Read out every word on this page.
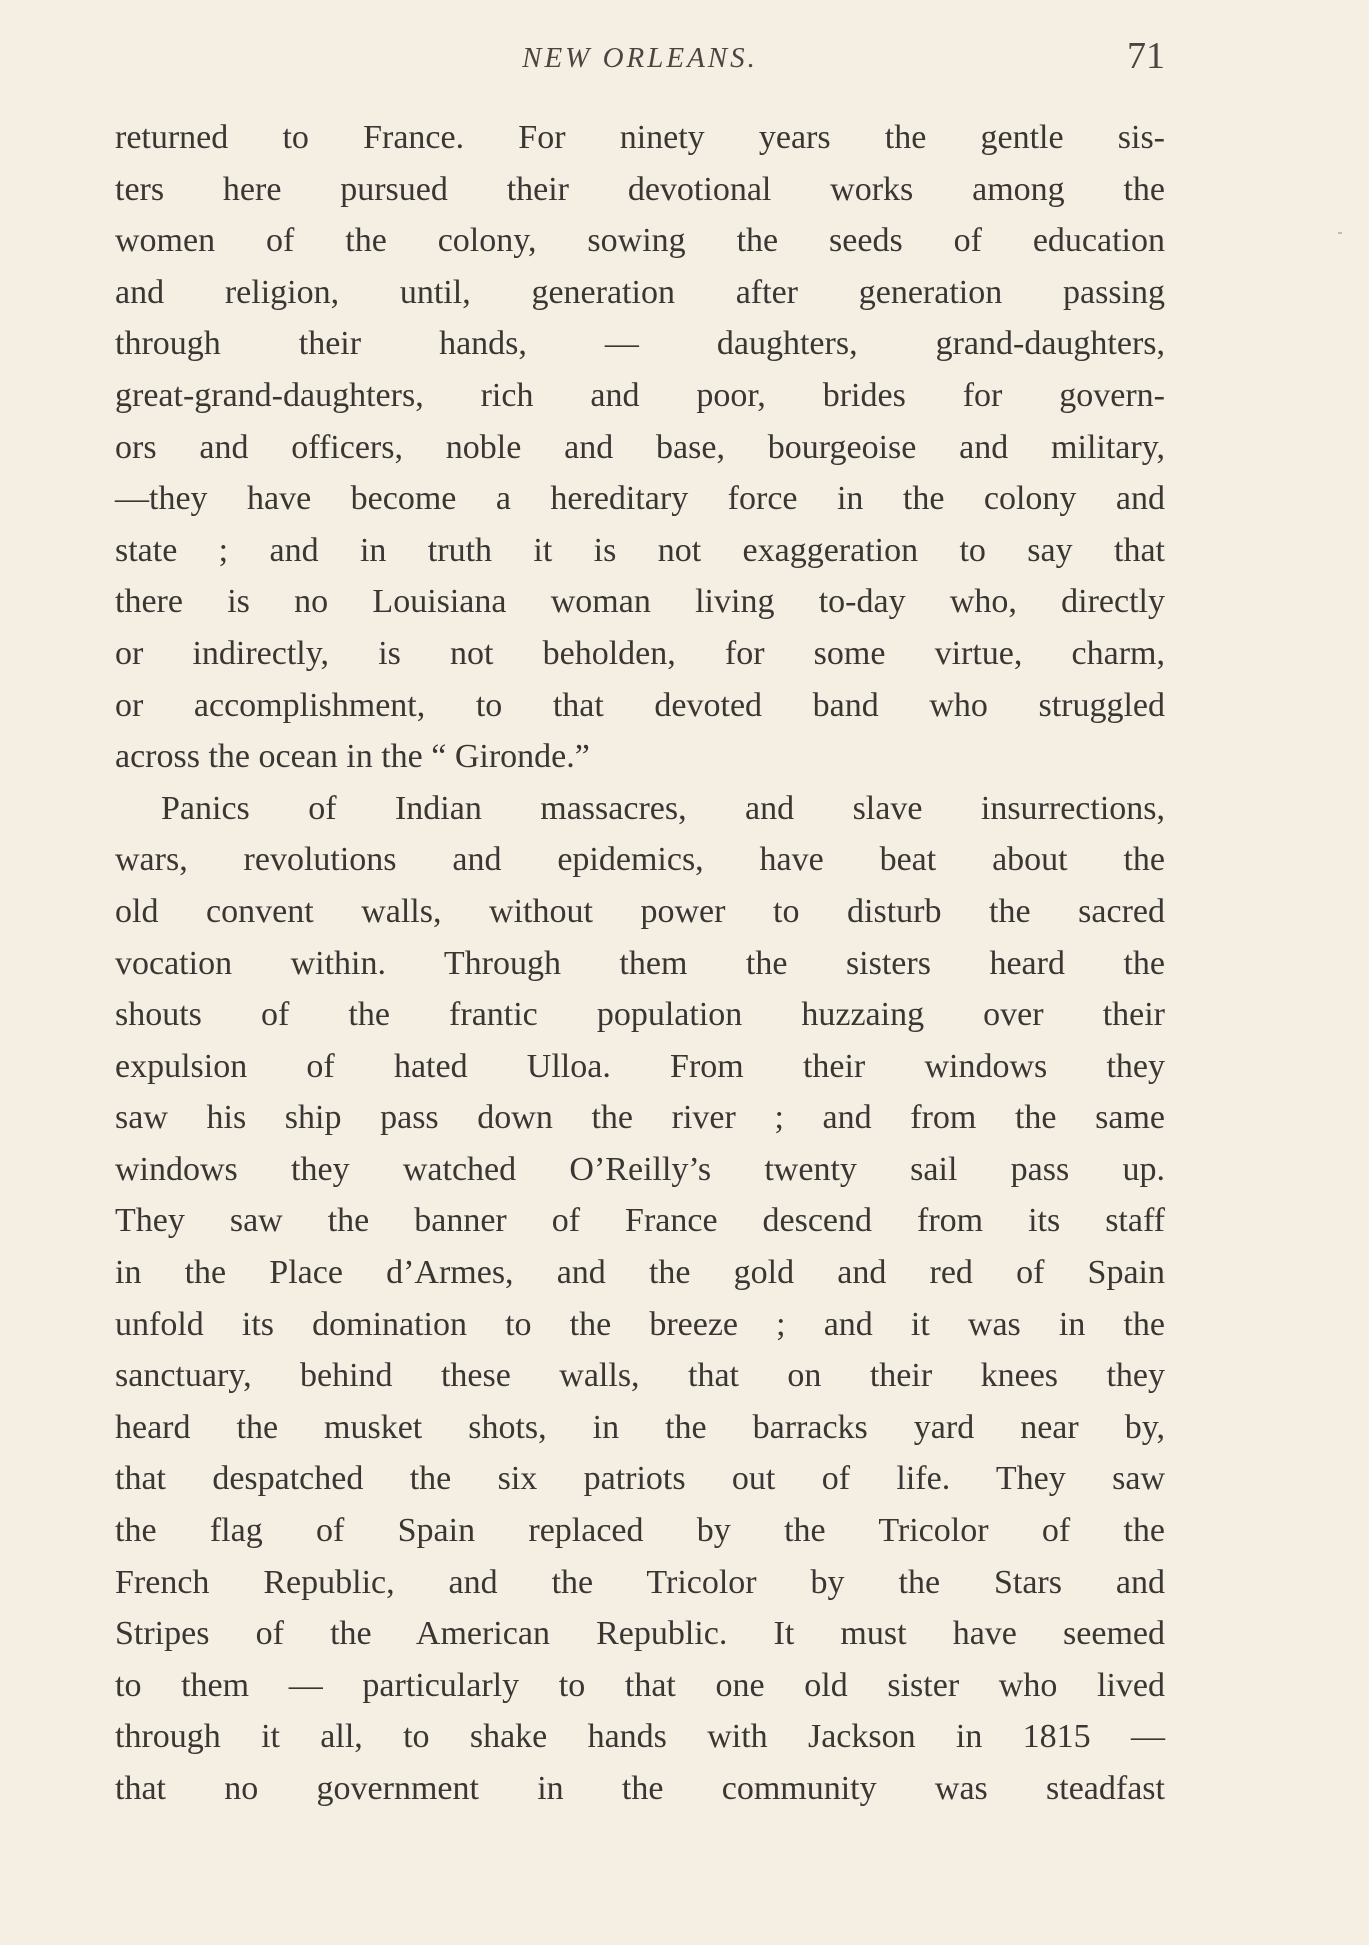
NEW ORLEANS.	71
returned to France. For ninety years the gentle sis-
ters here pursued their devotional works among the
women of the colony, sowing the seeds of education
and religion, until, generation after generation passing
through their hands, — daughters, grand-daughters,
great-grand-daughters, rich and poor, brides for govern-
ors and officers, noble and base, bourgeoise and military,
—they have become a hereditary force in the colony and
state ; and in truth it is not exaggeration to say that
there is no Louisiana woman living to-day who, directly
or indirectly, is not beholden, for some virtue, charm,
or accomplishment, to that devoted band who struggled
across the ocean in the “ Gironde.”
Panics of Indian massacres, and slave insurrections,
wars, revolutions and epidemics, have beat about the
old convent walls, without power to disturb the sacred
vocation within. Through them the sisters heard the
shouts of the frantic population huzzaing over their
expulsion of hated Ulloa. From their windows they
saw his ship pass down the river ; and from the same
windows they watched O’Reilly’s twenty sail pass up.
They saw the banner of France descend from its staff
in the Place d’Armes, and the gold and red of Spain
unfold its domination to the breeze ; and it was in the
sanctuary, behind these walls, that on their knees they
heard the musket shots, in the barracks yard near by,
that despatched the six patriots out of life. They saw
the flag of Spain replaced by the Tricolor of the
French Republic, and the Tricolor by the Stars and
Stripes of the American Republic. It must have seemed
to them — particularly to that one old sister who lived
through it all, to shake hands with Jackson in 1815 —
that no government in the community was steadfast
